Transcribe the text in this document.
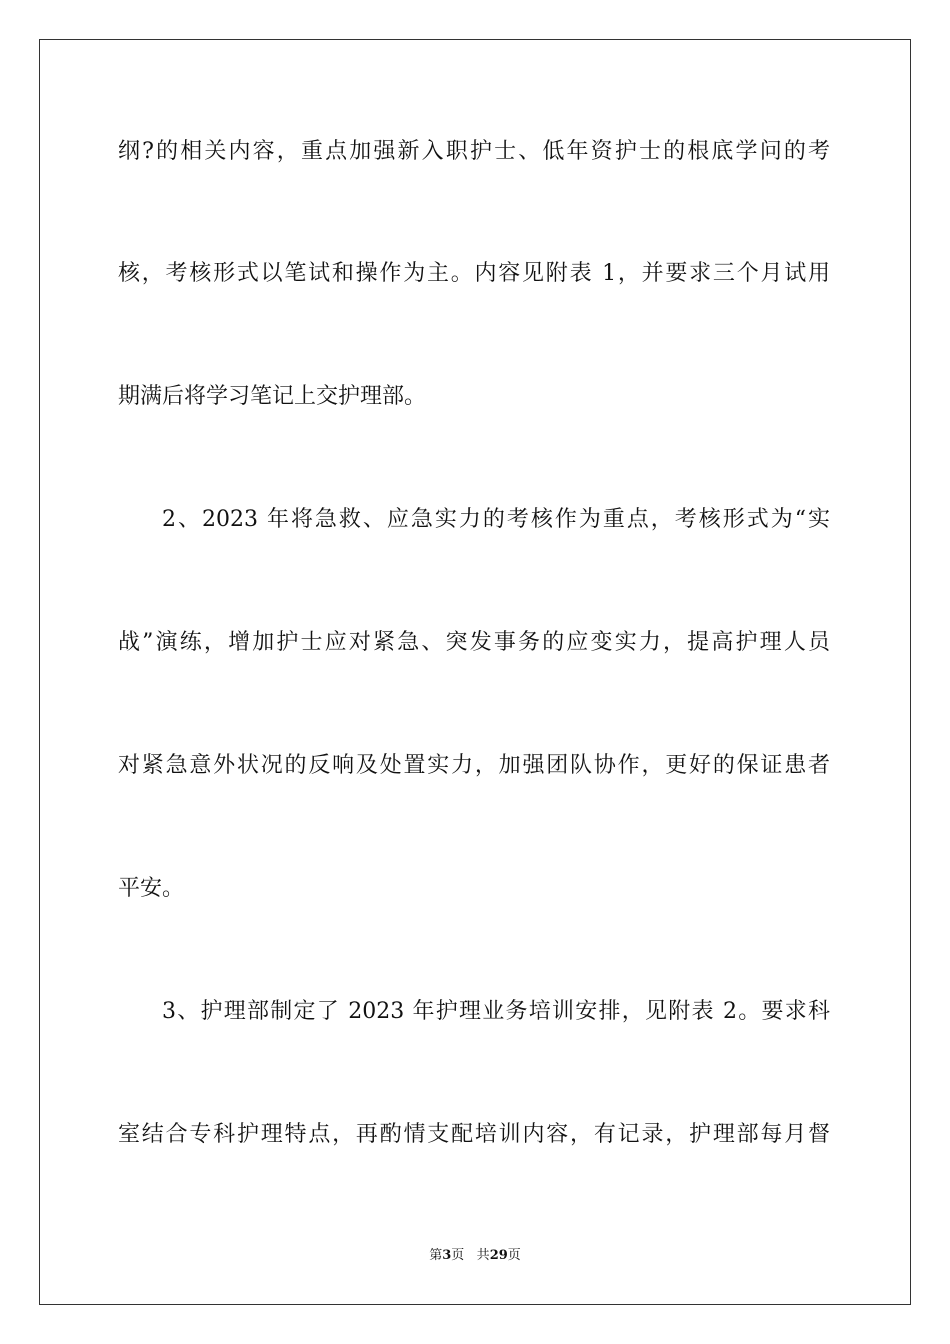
纲?的相关内容，重点加强新入职护士、低年资护士的根底学问的考
核，考核形式以笔试和操作为主。内容见附表 1，并要求三个月试用
期满后将学习笔记上交护理部。
2、2023 年将急救、应急实力的考核作为重点，考核形式为“实
战”演练，增加护士应对紧急、突发事务的应变实力，提高护理人员
对紧急意外状况的反响及处置实力，加强团队协作，更好的保证患者
平安。
3、护理部制定了 2023 年护理业务培训安排，见附表 2。要求科
室结合专科护理特点，再酌情支配培训内容，有记录，护理部每月督
第3页 共29页
